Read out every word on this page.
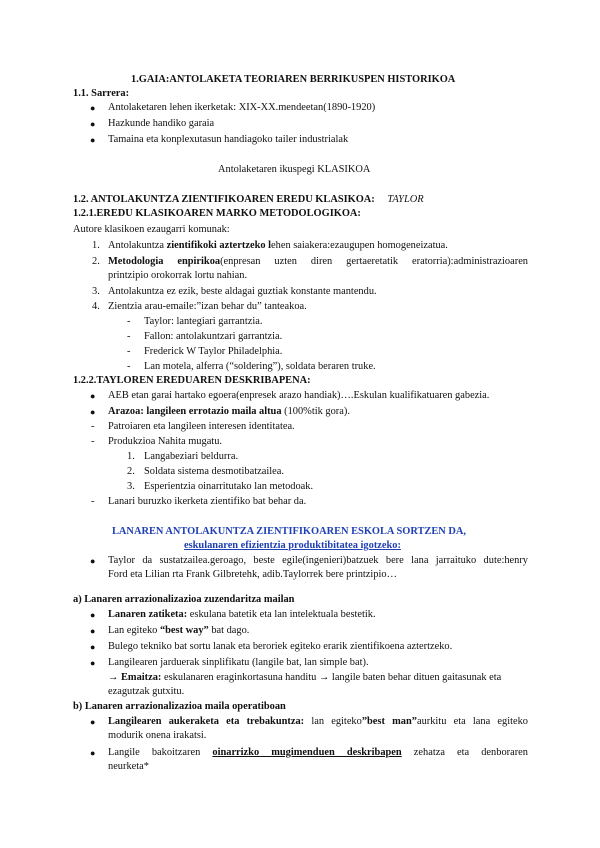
1.GAIA:ANTOLAKETA TEORIAREN BERRIKUSPEN HISTORIKOA
1.1. Sarrera:
● Antolaketaren lehen ikerketak: XIX-XX.mendeetan(1890-1920)
● Hazkunde handiko garaia
● Tamaina eta konplexutasun handiagoko tailer industrialak
Antolaketaren ikuspegi KLASIKOA
1.2. ANTOLAKUNTZA ZIENTIFIKOAREN EREDU KLASIKOA: TAYLOR
1.2.1.EREDU KLASIKOAREN MARKO METODOLOGIKOA:
Autore klasikoen ezaugarri komunak:
1. Antolakuntza zientifikoki aztertzeko lehen saiakera:ezaugupen homogeneizatua.
2. Metodologia enpirikoa(enpresan uzten diren gertaeretatik eratorria):administrazioaren
printzipio orokorrak lortu nahian.
3. Antolakuntza ez ezik, beste aldagai guztiak konstante mantendu.
4. Zientzia arau-emaile:”izan behar du” tanteakoa.
- Taylor: lantegiari garrantzia.
- Fallon: antolakuntzari garrantzia.
- Frederick W Taylor Philadelphia.
- Lan motela, alferra (“soldering”), soldata beraren truke.
1.2.2.TAYLOREN EREDUAREN DESKRIBAPENA:
● AEB etan garai hartako egoera(enpresek arazo handiak)….Eskulan kualifikatuaren gabezia.
● Arazoa: langileen errotazio maila altua (100%tik gora).
- Patroiaren eta langileen interesen identitatea.
- Produkzioa Nahita mugatu.
1. Langabeziari beldurra.
2. Soldata sistema desmotibatzailea.
3. Esperientzia oinarritutako lan metodoak.
- Lanari buruzko ikerketa zientifiko bat behar da.
LANAREN ANTOLAKUNTZA ZIENTIFIKOAREN ESKOLA SORTZEN DA,
eskulanaren efizientzia produktibitatea igotzeko:
● Taylor da sustatzailea.geroago, beste egile(ingenieri)batzuek bere lana jarraituko dute:henry
Ford eta Lilian rta Frank Gilbretehk, adib.Taylorrek bere printzipio…
a) Lanaren arrazionalizazioa zuzendaritza mailan
● Lanaren zatiketa: eskulana batetik eta lan intelektuala bestetik.
● Lan egiteko “best way” bat dago.
● Bulego tekniko bat sortu lanak eta beroriek egiteko erarik zientifikoena aztertzeko.
● Langilearen jarduerak sinplifikatu (langile bat, lan simple bat).
→ Emaitza: eskulanaren eraginkortasuna handitu → langile baten behar dituen gaitasunak eta
ezagutzak gutxitu.
b) Lanaren arrazionalizazioa maila operatiboan
● Langilearen aukeraketa eta trebakuntza: lan egiteko”best man”aurkitu eta lana egiteko
modurik onena irakatsi.
● Langile bakoitzaren oinarrizko mugimenduen deskribapen zehatza eta denboraren
neurketa*
